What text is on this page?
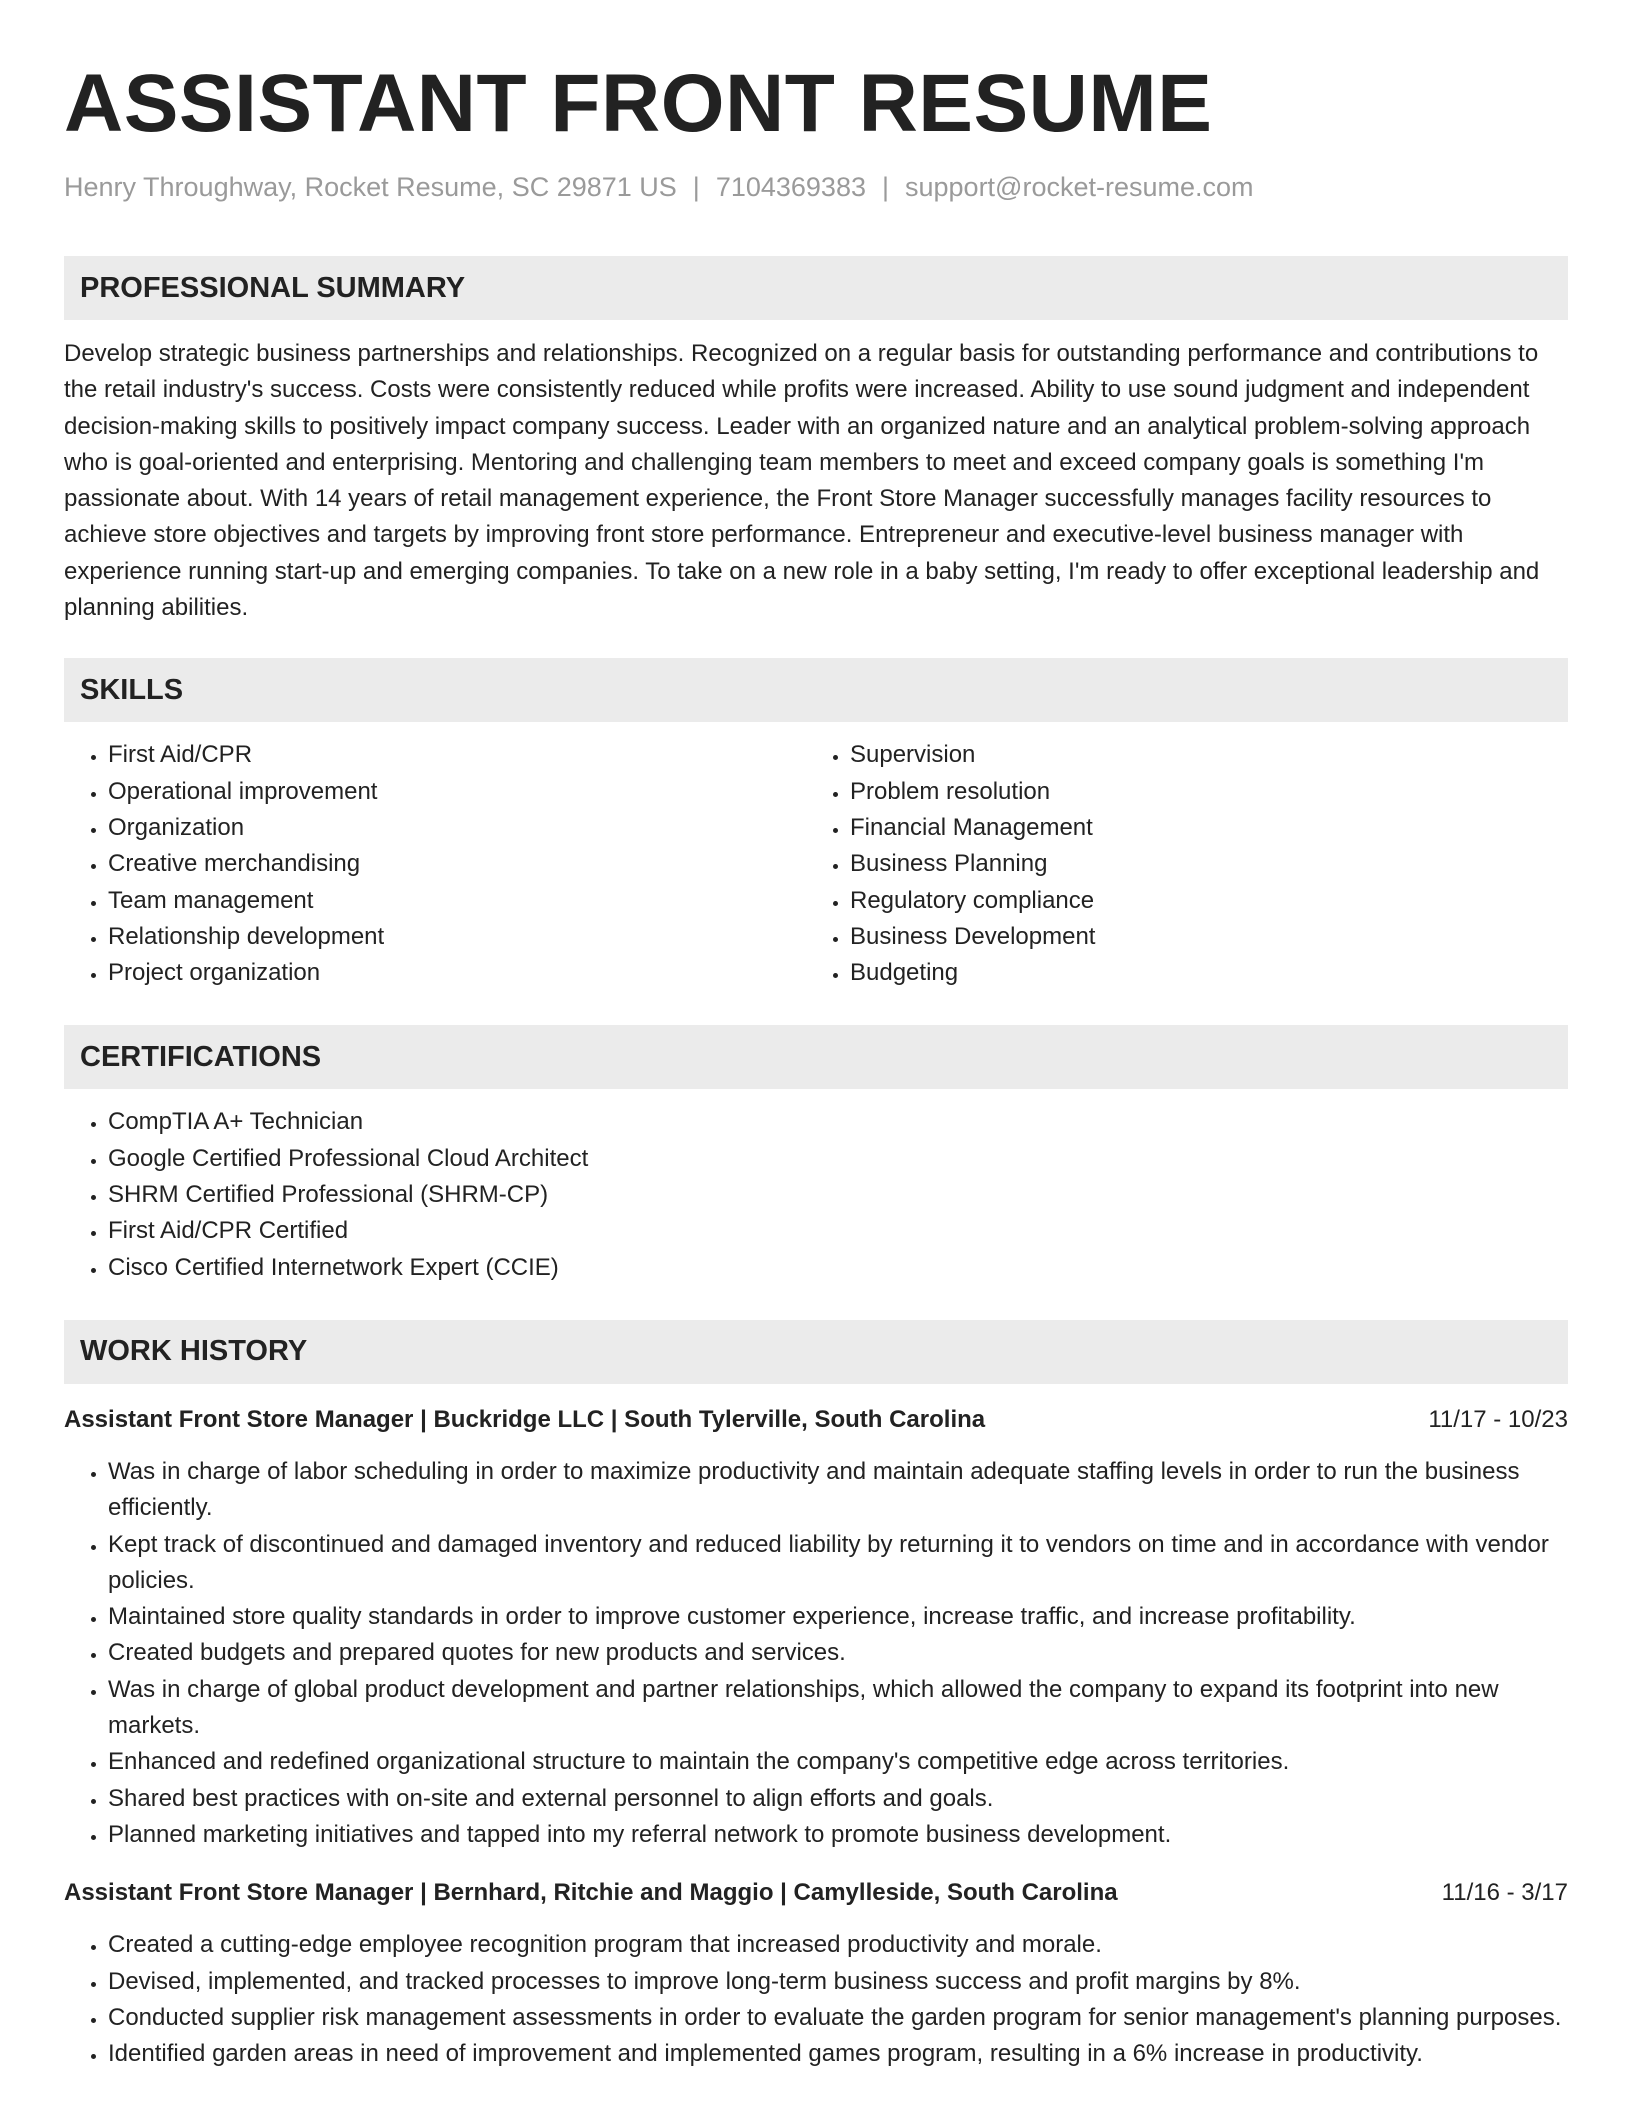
ASSISTANT FRONT RESUME
Henry Throughway, Rocket Resume, SC 29871 US | 7104369383 | support@rocket-resume.com
PROFESSIONAL SUMMARY
Develop strategic business partnerships and relationships. Recognized on a regular basis for outstanding performance and contributions to the retail industry's success. Costs were consistently reduced while profits were increased. Ability to use sound judgment and independent decision-making skills to positively impact company success. Leader with an organized nature and an analytical problem-solving approach who is goal-oriented and enterprising. Mentoring and challenging team members to meet and exceed company goals is something I'm passionate about. With 14 years of retail management experience, the Front Store Manager successfully manages facility resources to achieve store objectives and targets by improving front store performance. Entrepreneur and executive-level business manager with experience running start-up and emerging companies. To take on a new role in a baby setting, I'm ready to offer exceptional leadership and planning abilities.
SKILLS
• First Aid/CPR
• Operational improvement
• Organization
• Creative merchandising
• Team management
• Relationship development
• Project organization
• Supervision
• Problem resolution
• Financial Management
• Business Planning
• Regulatory compliance
• Business Development
• Budgeting
CERTIFICATIONS
• CompTIA A+ Technician
• Google Certified Professional Cloud Architect
• SHRM Certified Professional (SHRM-CP)
• First Aid/CPR Certified
• Cisco Certified Internetwork Expert (CCIE)
WORK HISTORY
Assistant Front Store Manager | Buckridge LLC | South Tylerville, South Carolina	11/17 - 10/23
• Was in charge of labor scheduling in order to maximize productivity and maintain adequate staffing levels in order to run the business efficiently.
• Kept track of discontinued and damaged inventory and reduced liability by returning it to vendors on time and in accordance with vendor policies.
• Maintained store quality standards in order to improve customer experience, increase traffic, and increase profitability.
• Created budgets and prepared quotes for new products and services.
• Was in charge of global product development and partner relationships, which allowed the company to expand its footprint into new markets.
• Enhanced and redefined organizational structure to maintain the company's competitive edge across territories.
• Shared best practices with on-site and external personnel to align efforts and goals.
• Planned marketing initiatives and tapped into my referral network to promote business development.
Assistant Front Store Manager | Bernhard, Ritchie and Maggio | Camylleside, South Carolina	11/16 - 3/17
• Created a cutting-edge employee recognition program that increased productivity and morale.
• Devised, implemented, and tracked processes to improve long-term business success and profit margins by 8%.
• Conducted supplier risk management assessments in order to evaluate the garden program for senior management's planning purposes.
• Identified garden areas in need of improvement and implemented games program, resulting in a 6% increase in productivity.
